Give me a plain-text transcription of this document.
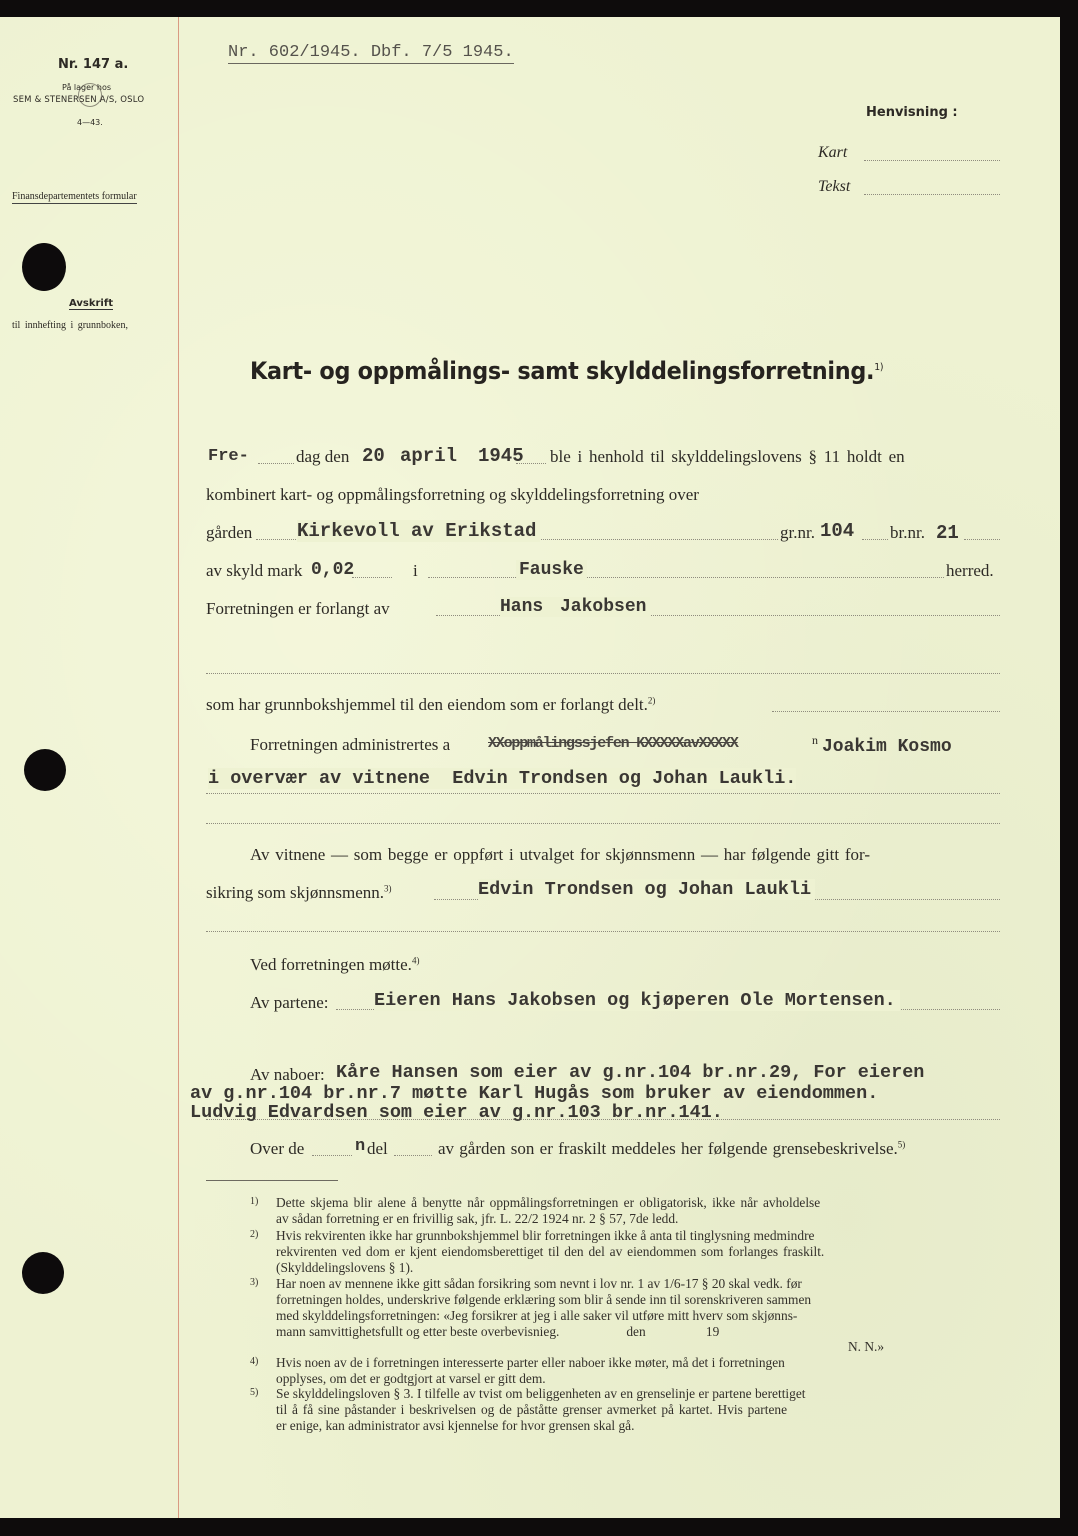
Nr. 147 a.
På lager hos
SEM & STENERSEN A/S, OSLO
4—43.
Finansdepartementets formular
Avskrift
til innhefting i grunnboken,
Nr. 602/1945. Dbf. 7/5 1945.
Henvisning :
Kart
Tekst
Kart- og oppmålings- samt skylddelingsforretning.$^{1)}$
Fre-	dag den 20 april 1945 ble i henhold til skylddelingslovens § 11 holdt en
kombinert kart- og oppmålingsforretning og skylddelingsforretning over
gården Kirkevoll av Erikstad	gr.nr. 104 br.nr. 21
av skyld mark 0,02	i	Fauske	herred.
Forretningen er forlangt av	Hans Jakobsen
som har grunnbokshjemmel til den eiendom som er forlangt delt.$^{2)}$
Forretningen administrertes a	XXoppmålingssjefen KXXXXXavXXXXX	n Joakim Kosmo
i overvær av vitnene  Edvin Trondsen og Johan Laukli.
Av vitnene — som begge er oppført i utvalget for skjønnsmenn — har følgende gitt for-
sikring som skjønnsmenn.$^{3)}$	Edvin Trondsen og Johan Laukli
Ved forretningen møtte.$^{4)}$
Av partene: Eieren Hans Jakobsen og kjøperen Ole Mortensen.
Av naboer: Kåre Hansen som eier av g.nr.104 br.nr.29, For eieren
av g.nr.104 br.nr.7 møtte Karl Hugås som bruker av eiendommen.
Ludvig Edvardsen som eier av g.nr.103 br.nr.141.
Over de	n del	av gården son er fraskilt meddeles her følgende grensebeskrivelse.$^{5)}$
1) Dette skjema blir alene å benytte når oppmålingsforretningen er obligatorisk, ikke når avholdelse
av sådan forretning er en frivillig sak, jfr. L. 22/2 1924 nr. 2 § 57, 7de ledd.
2) Hvis rekvirenten ikke har grunnbokshjemmel blir forretningen ikke å anta til tinglysning medmindre
rekvirenten ved dom er kjent eiendomsberettiget til den del av eiendommen som forlanges fraskilt.
(Skylddelingslovens § 1).
3) Har noen av mennene ikke gitt sådan forsikring som nevnt i lov nr. 1 av 1/6-17 § 20 skal vedk. før
forretningen holdes, underskrive følgende erklæring som blir å sende inn til sorenskriveren sammen
med skylddelingsforretningen: «Jeg forsikrer at jeg i alle saker vil utføre mitt hverv som skjønns-
mann samvittighetsfullt og etter beste overbevisnieg.                    den                  19
N. N.»
4) Hvis noen av de i forretningen interesserte parter eller naboer ikke møter, må det i forretningen
opplyses, om det er godtgjort at varsel er gitt dem.
5) Se skylddelingsloven § 3. I tilfelle av tvist om beliggenheten av en grenselinje er partene berettiget
til å få sine påstander i beskrivelsen og de påståtte grenser avmerket på kartet. Hvis partene
er enige, kan administrator avsi kjennelse for hvor grensen skal gå.
